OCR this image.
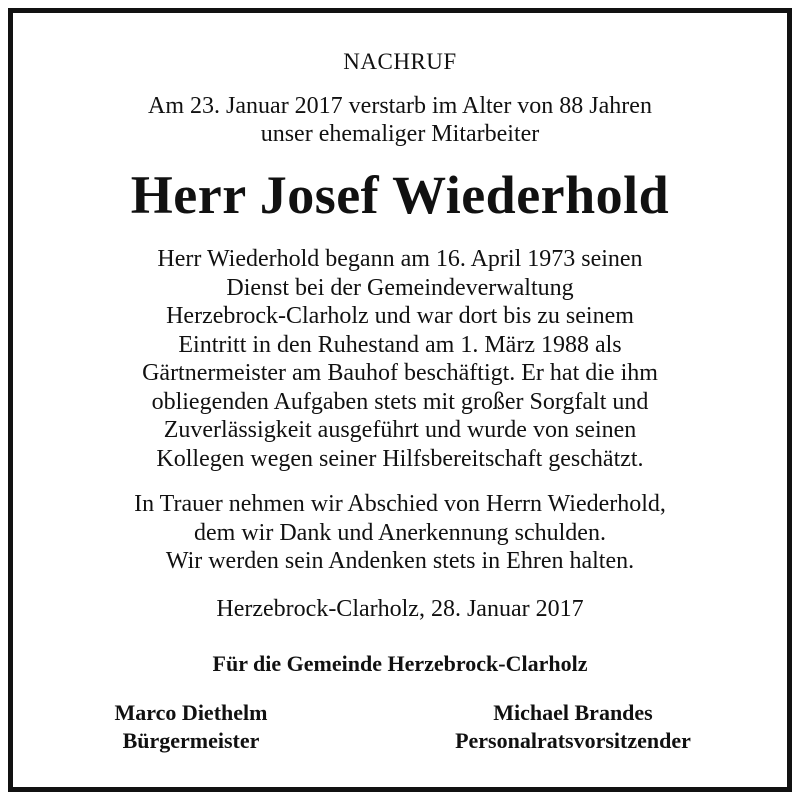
NACHRUF
Am 23. Januar 2017 verstarb im Alter von 88 Jahren
unser ehemaliger Mitarbeiter
Herr Josef Wiederhold
Herr Wiederhold begann am 16. April 1973 seinen
Dienst bei der Gemeindeverwaltung
Herzebrock-Clarholz und war dort bis zu seinem
Eintritt in den Ruhestand am 1. März 1988 als
Gärtnermeister am Bauhof beschäftigt. Er hat die ihm
obliegenden Aufgaben stets mit großer Sorgfalt und
Zuverlässigkeit ausgeführt und wurde von seinen
Kollegen wegen seiner Hilfsbereitschaft geschätzt.
In Trauer nehmen wir Abschied von Herrn Wiederhold,
dem wir Dank und Anerkennung schulden.
Wir werden sein Andenken stets in Ehren halten.
Herzebrock-Clarholz, 28. Januar 2017
Für die Gemeinde Herzebrock-Clarholz
Marco Diethelm
Bürgermeister
Michael Brandes
Personalratsvorsitzender
